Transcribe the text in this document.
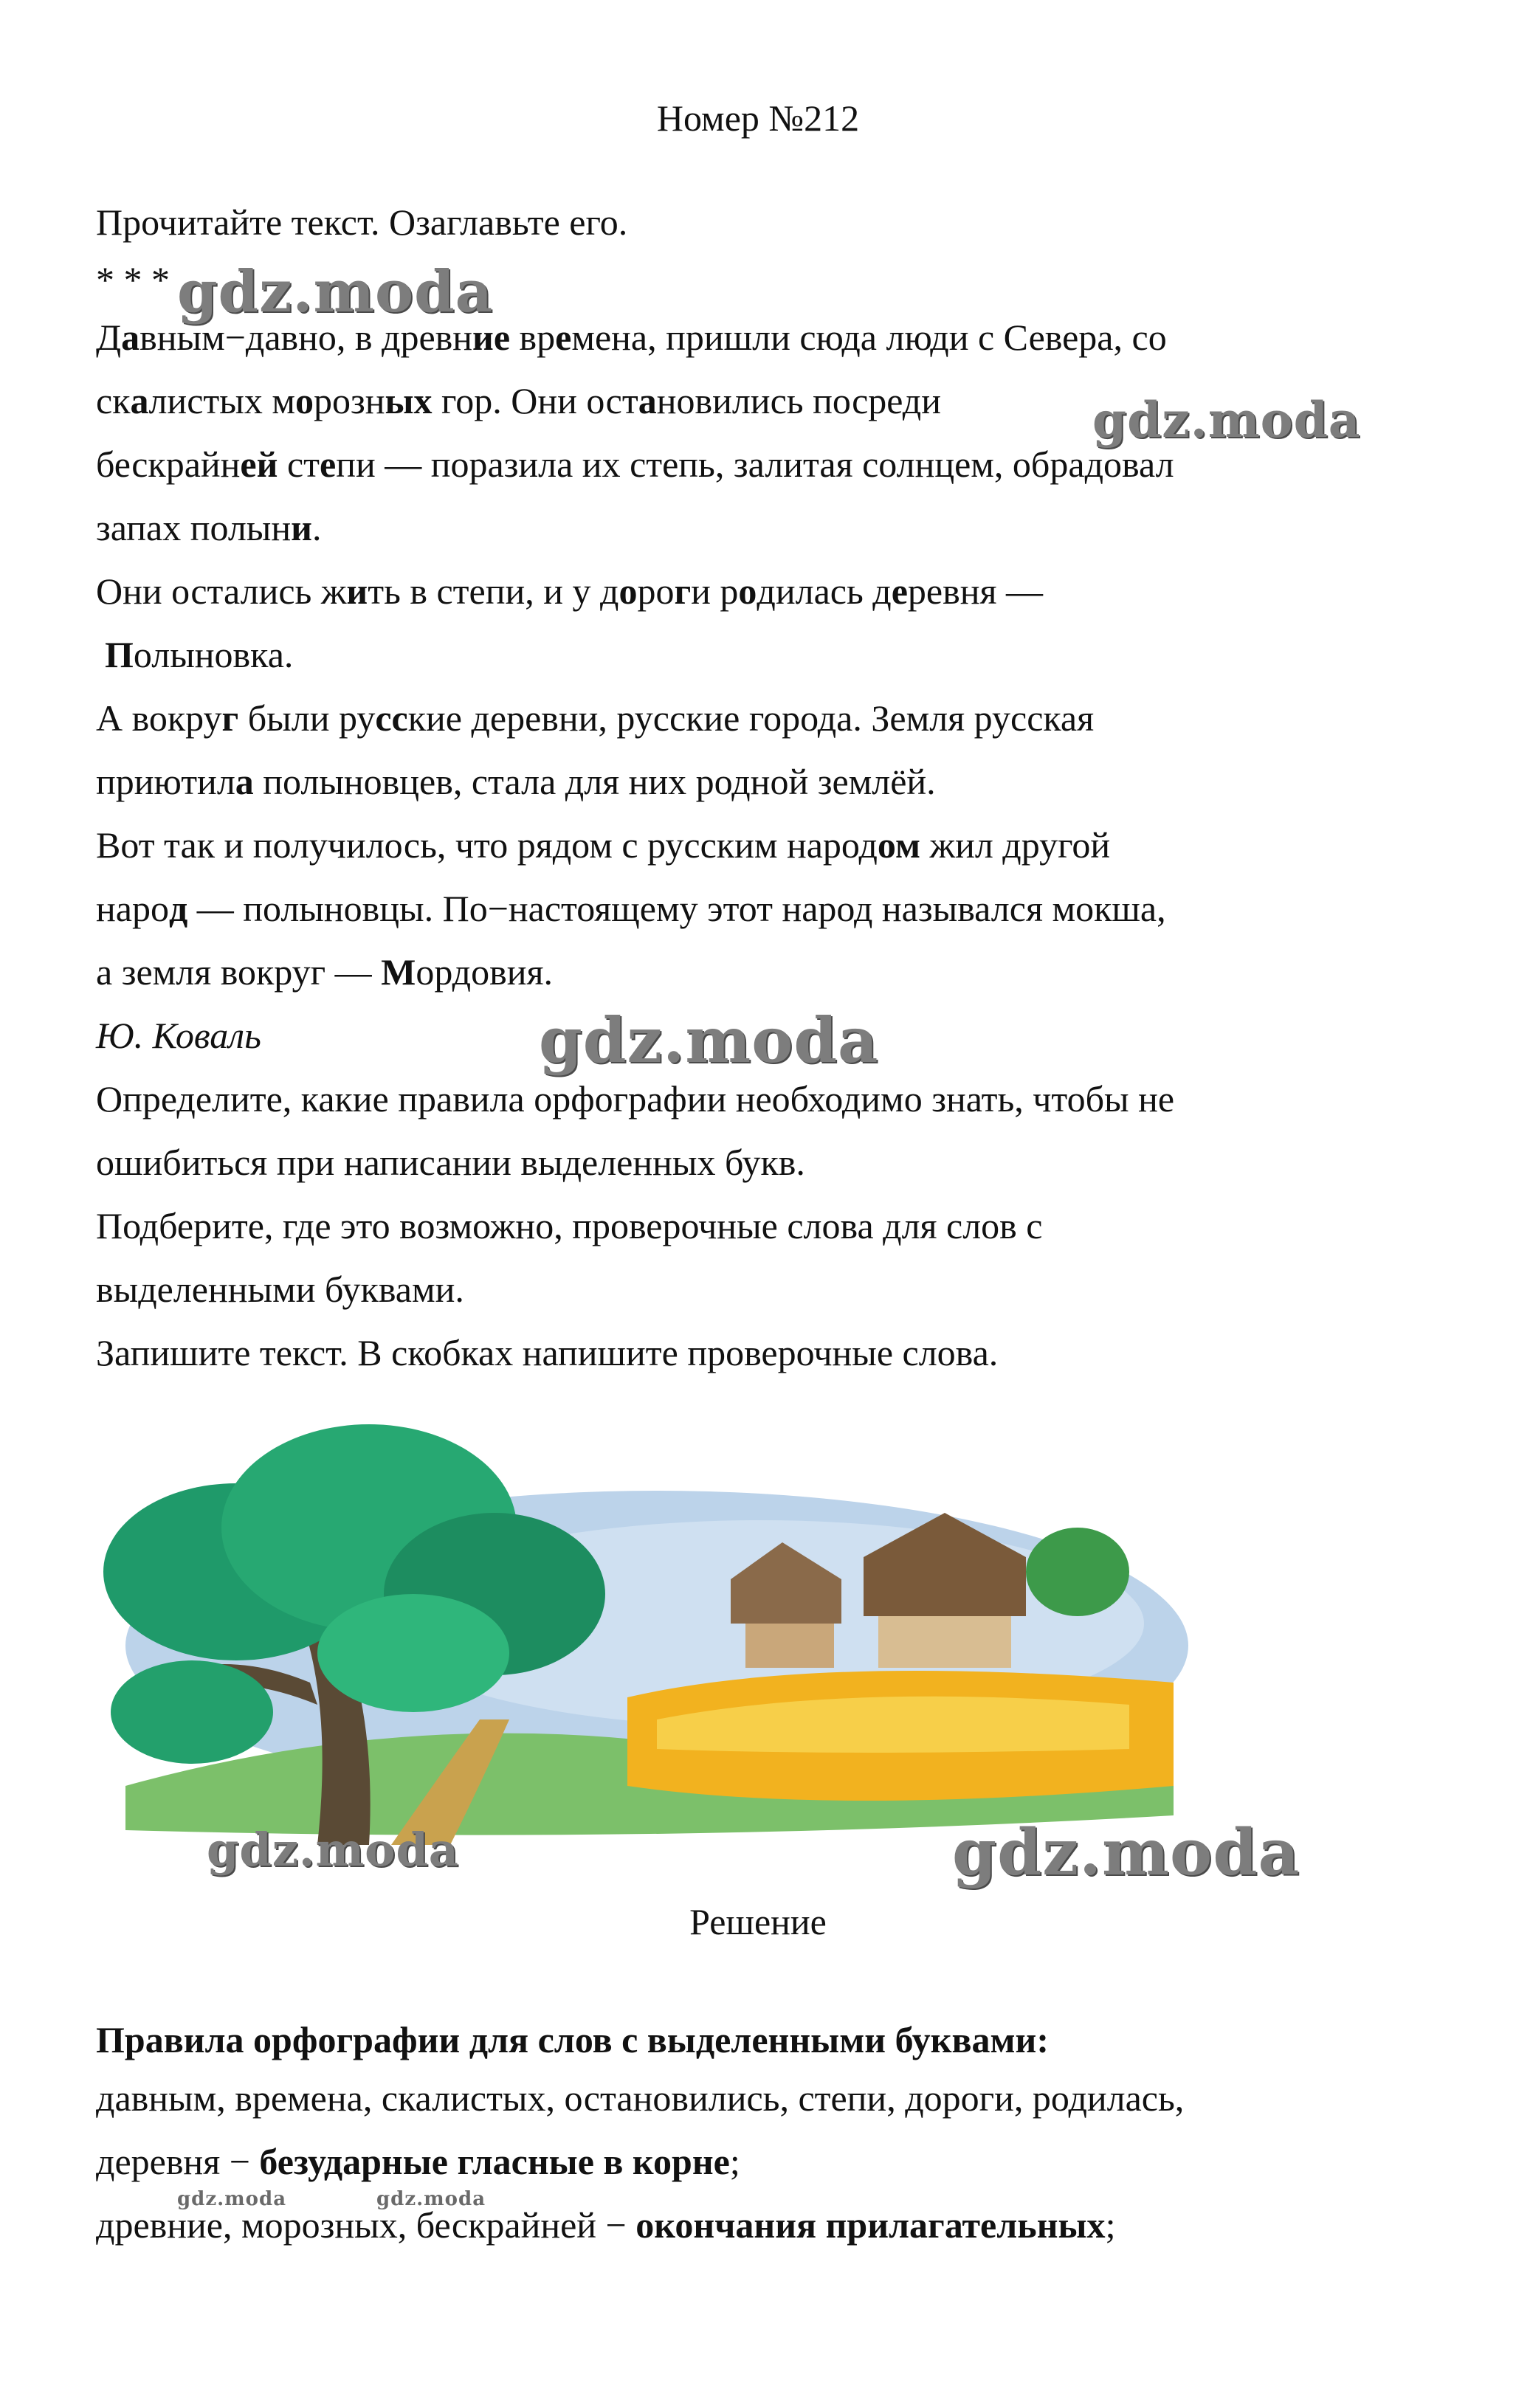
Номер №212
Прочитайте текст. Озаглавьте его.
* * *
Давным−давно, в древние времена, пришли сюда люди с Севера, со
скалистых морозных гор. Они остановились посреди
бескрайней степи — поразила их степь, залитая солнцем, обрадовал
запах полыни.
Они остались жить в степи, и у дороги родилась деревня —
Полыновка.
А вокруг были русские деревни, русские города. Земля русская
приютила полыновцев, стала для них родной землёй.
Вот так и получилось, что рядом с русским народом жил другой
народ — полыновцы. По−настоящему этот народ назывался мокша,
а земля вокруг — Мордовия.
Ю. Коваль
Определите, какие правила орфографии необходимо знать, чтобы не
ошибиться при написании выделенных букв.
Подберите, где это возможно, проверочные слова для слов с
выделенными буквами.
Запишите текст. В скобках напишите проверочные слова.
gdz.moda
gdz.moda
gdz.moda
gdz.moda	gdz.moda
Решение
Правила орфографии для слов с выделенными буквами:
давным, времена, скалистых, остановились, степи, дороги, родилась,
деревня − безударные гласные в корне;
древние, морозных, бескрайней − окончания прилагательных;
gdz.moda	gdz.moda
